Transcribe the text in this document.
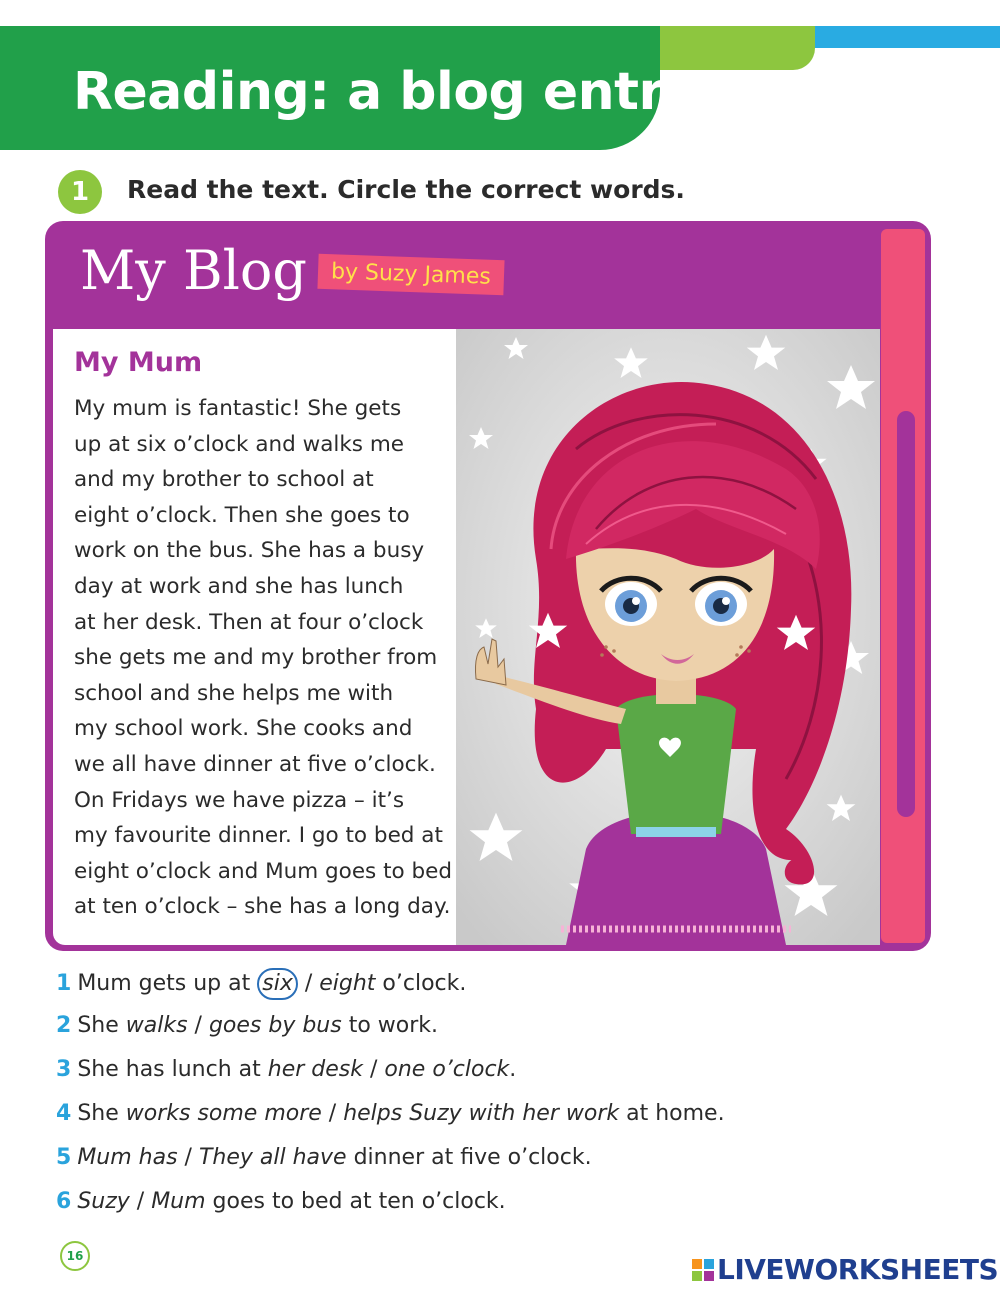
Reading: a blog entry
1	Read the text. Circle the correct words.
My Blog	by Suzy James
My Mum
My mum is fantastic! She gets
up at six o’clock and walks me
and my brother to school at
eight o’clock. Then she goes to
work on the bus. She has a busy
day at work and she has lunch
at her desk. Then at four o’clock
she gets me and my brother from
school and she helps me with
my school work. She cooks and
we all have dinner at five o’clock.
On Fridays we have pizza – it’s
my favourite dinner. I go to bed at
eight o’clock and Mum goes to bed
at ten o’clock – she has a long day.
1 Mum gets up at six / eight o’clock.
2 She walks / goes by bus to work.
3 She has lunch at her desk / one o’clock.
4 She works some more / helps Suzy with her work at home.
5 Mum has / They all have dinner at five o’clock.
6 Suzy / Mum goes to bed at ten o’clock.
16	LIVEWORKSHEETS
